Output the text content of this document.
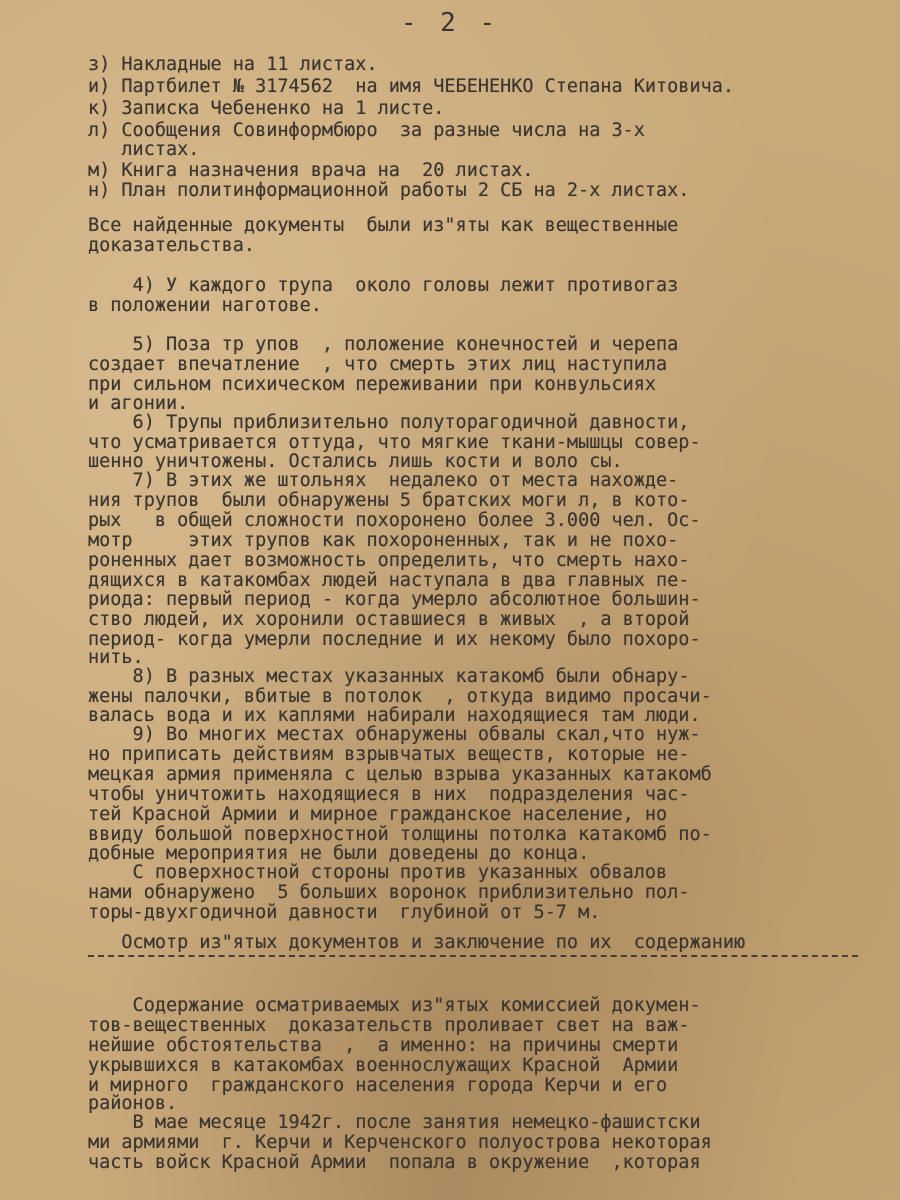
- 2 -
з) Накладные на 11 листах.
и) Партбилет № 3174562  на имя ЧЕБЕНЕНКО Степана Китовича.
к) Записка Чебененко на 1 листе.
л) Сообщения Совинформбюро  за разные числа на 3-х
листах.
м) Книга назначения врача на  20 листах.
н) План политинформационной работы 2 СБ на 2-х листах.
Все найденные документы  были из"яты как вещественные
доказательства.
4) У каждого трупа  около головы лежит противогаз
в положении наготове.
5) Поза тр упов  , положение конечностей и черепа
создает впечатление  , что смерть этих лиц наступила
при сильном психическом переживании при конвульсиях
и агонии.
6) Трупы приблизительно полуторагодичной давности,
что усматривается оттуда, что мягкие ткани-мышцы совер-
шенно уничтожены. Остались лишь кости и воло сы.
7) В этих же штольнях  недалеко от места нахожде-
ния трупов  были обнаружены 5 братских моги л, в кото-
рых   в общей сложности похоронено более 3.000 чел. Ос-
мотр     этих трупов как похороненных, так и не похо-
роненных дает возможность определить, что смерть нахо-
дящихся в катакомбах людей наступала в два главных пе-
риода: первый период - когда умерло абсолютное большин-
ство людей, их хоронили оставшиеся в живых  , а второй
период- когда умерли последние и их некому было похоро-
нить.
8) В разных местах указанных катакомб были обнару-
жены палочки, вбитые в потолок  , откуда видимо просачи-
валась вода и их каплями набирали находящиеся там люди.
9) Во многих местах обнаружены обвалы скал,что нуж-
но приписать действиям взрывчатых веществ, которые не-
мецкая армия применяла с целью взрыва указанных катакомб
чтобы уничтожить находящиеся в них  подразделения час-
тей Красной Армии и мирное гражданское население, но
ввиду большой поверхностной толщины потолка катакомб по-
добные мероприятия не были доведены до конца.
С поверхностной стороны против указанных обвалов
нами обнаружено  5 больших воронок приблизительно пол-
торы-двухгодичной давности  глубиной от 5-7 м.
Осмотр из"ятых документов и заключение по их  содержанию
Содержание осматриваемых из"ятых комиссией докумен-
тов-вещественных  доказательств проливает свет на важ-
нейшие обстоятельства  ,  а именно: на причины смерти
укрывшихся в катакомбах военнослужащих Красной  Армии
и мирного  гражданского населения города Керчи и его
районов.
В мае месяце 1942г. после занятия немецко-фашистски
ми армиями  г. Керчи и Керченского полуострова некоторая
часть войск Красной Армии  попала в окружение  ,которая
